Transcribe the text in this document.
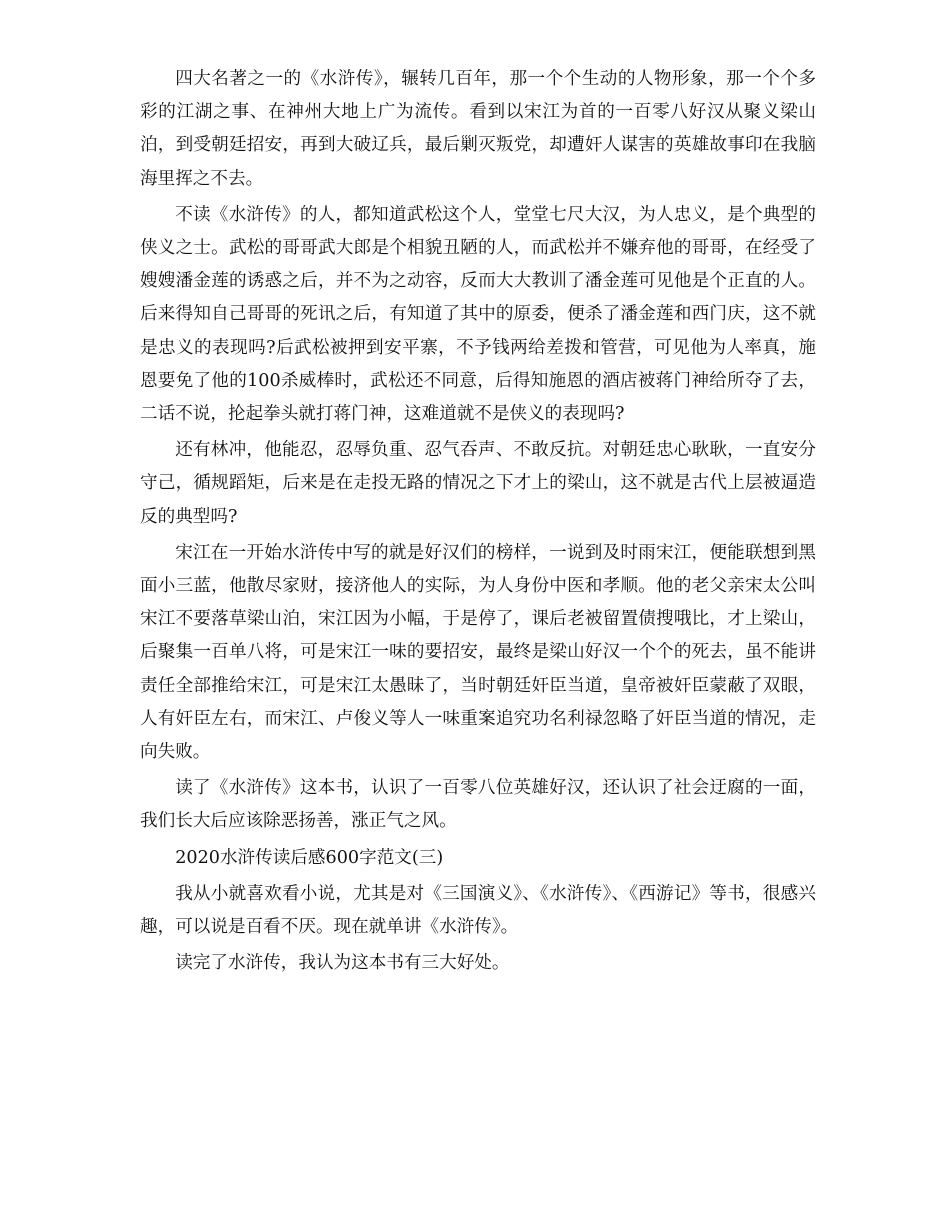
四大名著之一的《水浒传》，辗转几百年，那一个个生动的人物形象，那一个个多彩的江湖之事、在神州大地上广为流传。看到以宋江为首的一百零八好汉从聚义梁山泊，到受朝廷招安，再到大破辽兵，最后剿灭叛党，却遭奸人谋害的英雄故事印在我脑海里挥之不去。

不读《水浒传》的人，都知道武松这个人，堂堂七尺大汉，为人忠义，是个典型的侠义之士。武松的哥哥武大郎是个相貌丑陋的人，而武松并不嫌弃他的哥哥，在经受了嫂嫂潘金莲的诱惑之后，并不为之动容，反而大大教训了潘金莲可见他是个正直的人。后来得知自己哥哥的死讯之后，有知道了其中的原委，便杀了潘金莲和西门庆，这不就是忠义的表现吗?后武松被押到安平寨，不予钱两给差拨和管营，可见他为人率真，施恩要免了他的100杀威棒时，武松还不同意，后得知施恩的酒店被蒋门神给所夺了去，二话不说，抡起拳头就打蒋门神，这难道就不是侠义的表现吗?

还有林冲，他能忍，忍辱负重、忍气吞声、不敢反抗。对朝廷忠心耿耿，一直安分守己，循规蹈矩，后来是在走投无路的情况之下才上的梁山，这不就是古代上层被逼造反的典型吗?

宋江在一开始水浒传中写的就是好汉们的榜样，一说到及时雨宋江，便能联想到黑面小三蓝，他散尽家财，接济他人的实际，为人身份中医和孝顺。他的老父亲宋太公叫宋江不要落草梁山泊，宋江因为小幅，于是停了，课后老被留置债搜哦比，才上梁山，后聚集一百单八将，可是宋江一味的要招安，最终是梁山好汉一个个的死去，虽不能讲责任全部推给宋江，可是宋江太愚昧了，当时朝廷奸臣当道，皇帝被奸臣蒙蔽了双眼，人有奸臣左右，而宋江、卢俊义等人一味重案追究功名利禄忽略了奸臣当道的情况，走向失败。

读了《水浒传》这本书，认识了一百零八位英雄好汉，还认识了社会迂腐的一面，我们长大后应该除恶扬善，涨正气之风。

2020水浒传读后感600字范文(三)

我从小就喜欢看小说，尤其是对《三国演义》、《水浒传》、《西游记》等书，很感兴趣，可以说是百看不厌。现在就单讲《水浒传》。

读完了水浒传，我认为这本书有三大好处。
